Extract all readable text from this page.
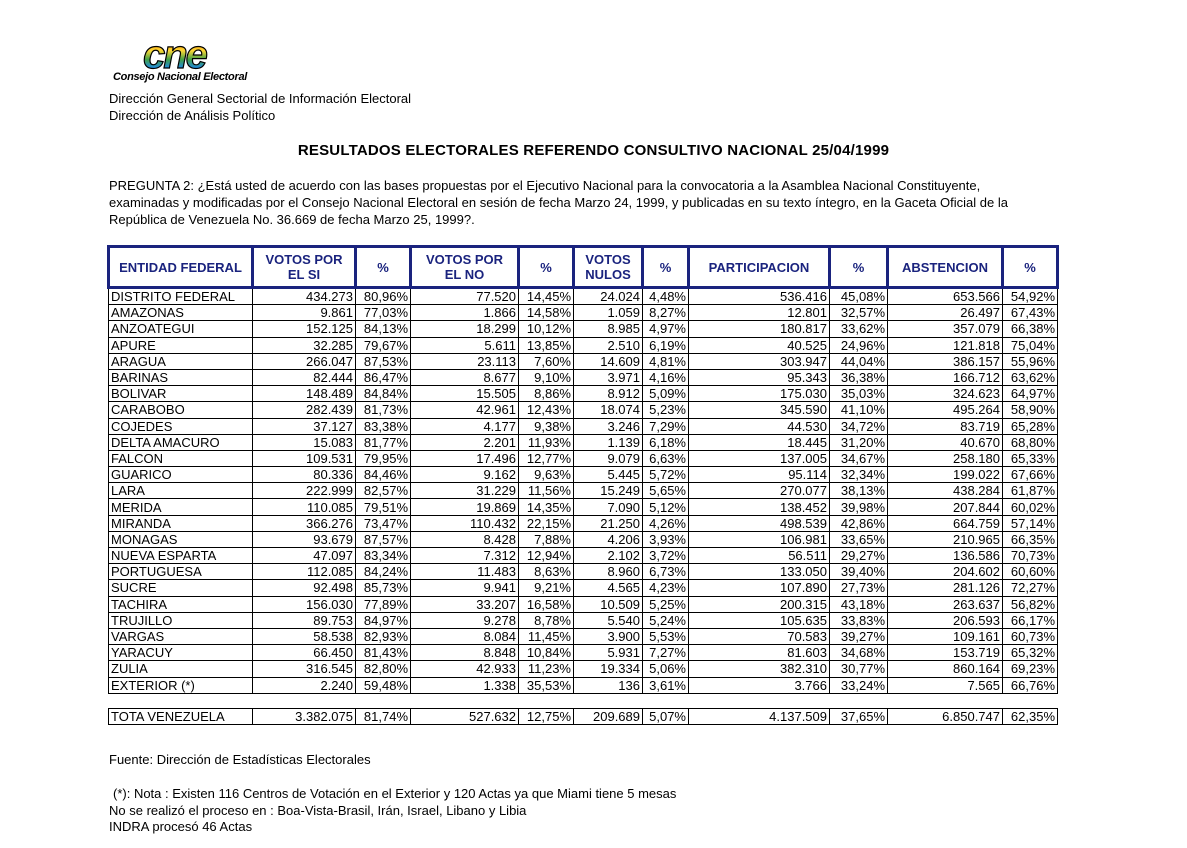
cne
Consejo Nacional Electoral
Dirección General Sectorial de Información Electoral
Dirección de Análisis Político
RESULTADOS ELECTORALES REFERENDO CONSULTIVO NACIONAL 25/04/1999
PREGUNTA 2: ¿Está usted de acuerdo con las bases propuestas por el Ejecutivo Nacional para la convocatoria a la Asamblea Nacional Constituyente, examinadas y modificadas por el Consejo Nacional Electoral en sesión de fecha Marzo 24, 1999, y publicadas en su texto íntegro, en la Gaceta Oficial de la República de Venezuela No. 36.669 de fecha Marzo 25, 1999?.
ENTIDAD FEDERAL	VOTOS POR EL SI	%	VOTOS POR EL NO	%	VOTOS NULOS	%	PARTICIPACION	%	ABSTENCION	%
DISTRITO FEDERAL	434.273	80,96%	77.520	14,45%	24.024	4,48%	536.416	45,08%	653.566	54,92%
AMAZONAS	9.861	77,03%	1.866	14,58%	1.059	8,27%	12.801	32,57%	26.497	67,43%
ANZOATEGUI	152.125	84,13%	18.299	10,12%	8.985	4,97%	180.817	33,62%	357.079	66,38%
APURE	32.285	79,67%	5.611	13,85%	2.510	6,19%	40.525	24,96%	121.818	75,04%
ARAGUA	266.047	87,53%	23.113	7,60%	14.609	4,81%	303.947	44,04%	386.157	55,96%
BARINAS	82.444	86,47%	8.677	9,10%	3.971	4,16%	95.343	36,38%	166.712	63,62%
BOLIVAR	148.489	84,84%	15.505	8,86%	8.912	5,09%	175.030	35,03%	324.623	64,97%
CARABOBO	282.439	81,73%	42.961	12,43%	18.074	5,23%	345.590	41,10%	495.264	58,90%
COJEDES	37.127	83,38%	4.177	9,38%	3.246	7,29%	44.530	34,72%	83.719	65,28%
DELTA AMACURO	15.083	81,77%	2.201	11,93%	1.139	6,18%	18.445	31,20%	40.670	68,80%
FALCON	109.531	79,95%	17.496	12,77%	9.079	6,63%	137.005	34,67%	258.180	65,33%
GUARICO	80.336	84,46%	9.162	9,63%	5.445	5,72%	95.114	32,34%	199.022	67,66%
LARA	222.999	82,57%	31.229	11,56%	15.249	5,65%	270.077	38,13%	438.284	61,87%
MERIDA	110.085	79,51%	19.869	14,35%	7.090	5,12%	138.452	39,98%	207.844	60,02%
MIRANDA	366.276	73,47%	110.432	22,15%	21.250	4,26%	498.539	42,86%	664.759	57,14%
MONAGAS	93.679	87,57%	8.428	7,88%	4.206	3,93%	106.981	33,65%	210.965	66,35%
NUEVA ESPARTA	47.097	83,34%	7.312	12,94%	2.102	3,72%	56.511	29,27%	136.586	70,73%
PORTUGUESA	112.085	84,24%	11.483	8,63%	8.960	6,73%	133.050	39,40%	204.602	60,60%
SUCRE	92.498	85,73%	9.941	9,21%	4.565	4,23%	107.890	27,73%	281.126	72,27%
TACHIRA	156.030	77,89%	33.207	16,58%	10.509	5,25%	200.315	43,18%	263.637	56,82%
TRUJILLO	89.753	84,97%	9.278	8,78%	5.540	5,24%	105.635	33,83%	206.593	66,17%
VARGAS	58.538	82,93%	8.084	11,45%	3.900	5,53%	70.583	39,27%	109.161	60,73%
YARACUY	66.450	81,43%	8.848	10,84%	5.931	7,27%	81.603	34,68%	153.719	65,32%
ZULIA	316.545	82,80%	42.933	11,23%	19.334	5,06%	382.310	30,77%	860.164	69,23%
EXTERIOR (*)	2.240	59,48%	1.338	35,53%	136	3,61%	3.766	33,24%	7.565	66,76%

TOTA VENEZUELA	3.382.075	81,74%	527.632	12,75%	209.689	5,07%	4.137.509	37,65%	6.850.747	62,35%
Fuente: Dirección de Estadísticas Electorales
(*): Nota : Existen 116 Centros de Votación en el Exterior y 120 Actas ya que Miami tiene 5 mesas
No se realizó el proceso en : Boa-Vista-Brasil, Irán, Israel, Libano y Libia
INDRA procesó 46 Actas
